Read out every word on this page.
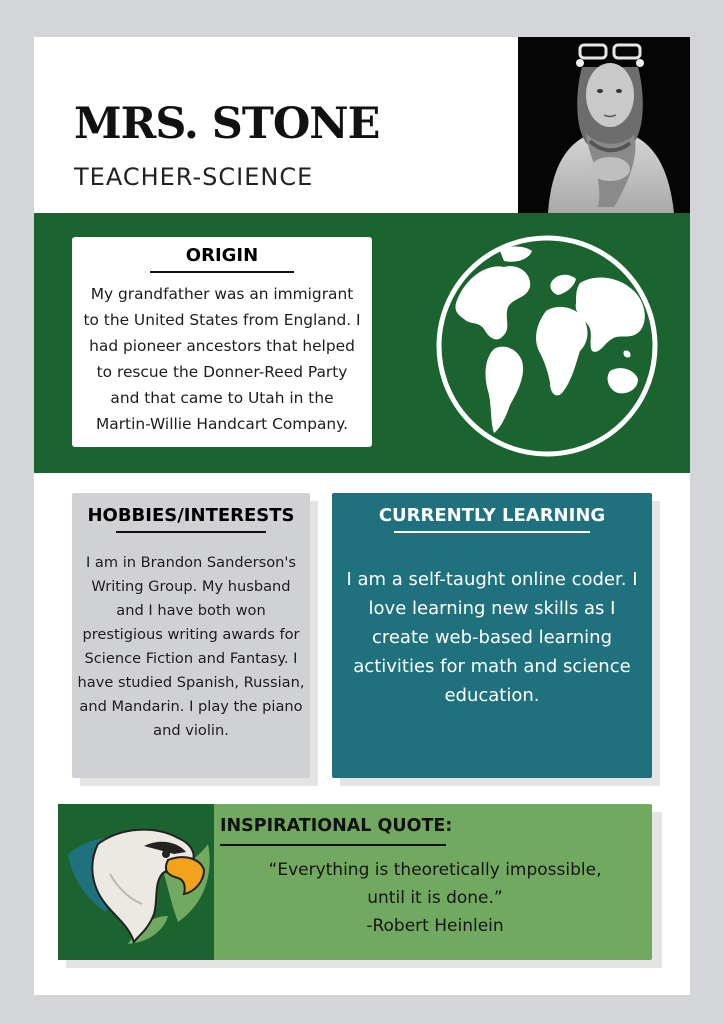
MRS. STONE

TEACHER-SCIENCE

ORIGIN

My grandfather was an immigrant to the United States from England. I had pioneer ancestors that helped to rescue the Donner-Reed Party and that came to Utah in the Martin-Willie Handcart Company.

HOBBIES/INTERESTS

I am in Brandon Sanderson's Writing Group. My husband and I have both won prestigious writing awards for Science Fiction and Fantasy. I have studied Spanish, Russian, and Mandarin. I play the piano and violin.

CURRENTLY LEARNING

I am a self-taught online coder. I love learning new skills as I create web-based learning activities for math and science education.

INSPIRATIONAL QUOTE:

“Everything is theoretically impossible,
until it is done.”
-Robert Heinlein
